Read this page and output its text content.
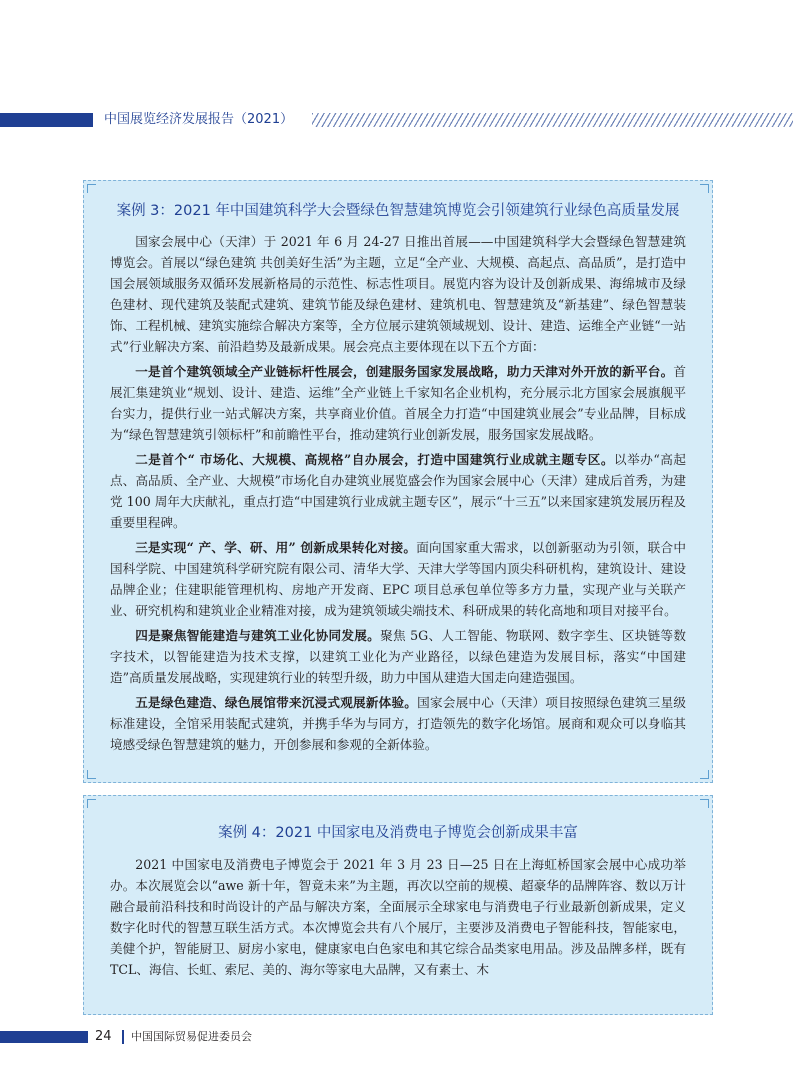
中国展览经济发展报告（2021）
案例 3：2021 年中国建筑科学大会暨绿色智慧建筑博览会引领建筑行业绿色高质量发展

国家会展中心（天津）于 2021 年 6 月 24-27 日推出首展——中国建筑科学大会暨绿色智慧建筑博览会。首展以“绿色建筑 共创美好生活”为主题，立足“全产业、大规模、高起点、高品质”，是打造中国会展领域服务双循环发展新格局的示范性、标志性项目。展览内容为设计及创新成果、海绵城市及绿色建材、现代建筑及装配式建筑、建筑节能及绿色建材、建筑机电、智慧建筑及“新基建”、绿色智慧装饰、工程机械、建筑实施综合解决方案等，全方位展示建筑领域规划、设计、建造、运维全产业链“一站式”行业解决方案、前沿趋势及最新成果。展会亮点主要体现在以下五个方面：

一是首个建筑领域全产业链标杆性展会，创建服务国家发展战略，助力天津对外开放的新平台。首展汇集建筑业“规划、设计、建造、运维”全产业链上千家知名企业机构，充分展示北方国家会展旗舰平台实力，提供行业一站式解决方案，共享商业价值。首展全力打造“中国建筑业展会”专业品牌，目标成为“绿色智慧建筑引领标杆”和前瞻性平台，推动建筑行业创新发展，服务国家发展战略。

二是首个“ 市场化、大规模、高规格”自办展会，打造中国建筑行业成就主题专区。以举办“高起点、高品质、全产业、大规模”市场化自办建筑业展览盛会作为国家会展中心（天津）建成后首秀，为建党 100 周年大庆献礼，重点打造“中国建筑行业成就主题专区”，展示“十三五”以来国家建筑发展历程及重要里程碑。

三是实现“ 产、学、研、用” 创新成果转化对接。面向国家重大需求，以创新驱动为引领，联合中国科学院、中国建筑科学研究院有限公司、清华大学、天津大学等国内顶尖科研机构，建筑设计、建设品牌企业；住建职能管理机构、房地产开发商、EPC 项目总承包单位等多方力量，实现产业与关联产业、研究机构和建筑业企业精准对接，成为建筑领域尖端技术、科研成果的转化高地和项目对接平台。

四是聚焦智能建造与建筑工业化协同发展。聚焦 5G、人工智能、物联网、数字孪生、区块链等数字技术，以智能建造为技术支撑，以建筑工业化为产业路径，以绿色建造为发展目标，落实“中国建造”高质量发展战略，实现建筑行业的转型升级，助力中国从建造大国走向建造强国。

五是绿色建造、绿色展馆带来沉浸式观展新体验。国家会展中心（天津）项目按照绿色建筑三星级标准建设，全馆采用装配式建筑，并携手华为与同方，打造领先的数字化场馆。展商和观众可以身临其境感受绿色智慧建筑的魅力，开创参展和参观的全新体验。

案例 4：2021 中国家电及消费电子博览会创新成果丰富

2021 中国家电及消费电子博览会于 2021 年 3 月 23 日—25 日在上海虹桥国家会展中心成功举办。本次展览会以“awe 新十年，智竟未来”为主题，再次以空前的规模、超豪华的品牌阵容、数以万计融合最前沿科技和时尚设计的产品与解决方案，全面展示全球家电与消费电子行业最新创新成果，定义数字化时代的智慧互联生活方式。本次博览会共有八个展厅，主要涉及消费电子智能科技，智能家电，美健个护，智能厨卫、厨房小家电，健康家电白色家电和其它综合品类家电用品。涉及品牌多样，既有 TCL、海信、长虹、索尼、美的、海尔等家电大品牌，又有素士、木

24 中国国际贸易促进委员会
